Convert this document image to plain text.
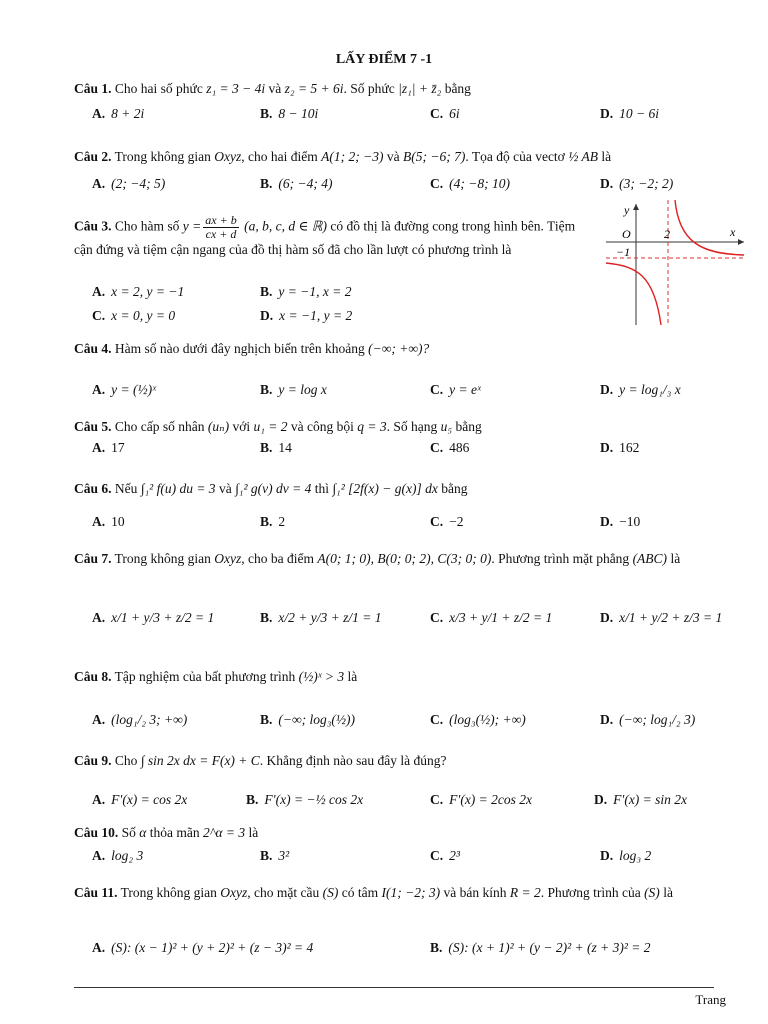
LẤY ĐIỂM 7 -1
Câu 1. Cho hai số phức z₁ = 3 − 4i và z₂ = 5 + 6i. Số phức |z₁| + z̄₂ bằng
A. 8 + 2i	B. 8 − 10i	C. 6i	D. 10 − 6i
Câu 2. Trong không gian Oxyz, cho hai điểm A(1; 2; −3) và B(5; −6; 7). Tọa độ của vectơ ½ AB là
A. (2; −4; 5)	B. (6; −4; 4)	C. (4; −8; 10)	D. (3; −2; 2)
Câu 3. Cho hàm số $y = \frac{ax + b}{cx + d} (a$, b, c, d ∈ ℝ) có đồ thị là đường cong trong hình bên. Tiệm cận đứng và tiệm cận ngang của đồ thị hàm số đã cho lần lượt có phương trình là
A. x = 2, y = −1	B. y = −1, x = 2
C. x = 0, y = 0	D. x = −1, y = 2
y
x
O	2
−1
Câu 4. Hàm số nào dưới đây nghịch biến trên khoảng (−∞; +∞)?
A. y = (½)ˣ	B. y = log x	C. y = eˣ	D. y = log₁/₃ x
Câu 5. Cho cấp số nhân (uₙ) với u₁ = 2 và công bội q = 3. Số hạng u₅ bằng
A. 17	B. 14	C. 486	D. 162
Câu 6. Nếu ∫₁² f(u) du = 3 và ∫₁² g(v) dv = 4 thì ∫₁² [2f(x) − g(x)] dx bằng
A. 10	B. 2	C. −2	D. −10
Câu 7. Trong không gian Oxyz, cho ba điểm A(0; 1; 0), B(0; 0; 2), C(3; 0; 0). Phương trình mặt phẳng (ABC) là
A. x/1 + y/3 + z/2 = 1	B. x/2 + y/3 + z/1 = 1	C. x/3 + y/1 + z/2 = 1	D. x/1 + y/2 + z/3 = 1
Câu 8. Tập nghiệm của bất phương trình (½)ˣ > 3 là
A. (log₁/₂ 3; +∞)	B. (−∞; log₃(½))	C. (log₃(½); +∞)	D. (−∞; log₁/₂ 3)
Câu 9. Cho ∫ sin 2x dx = F(x) + C. Khẳng định nào sau đây là đúng?
A. F′(x) = cos 2x	B. F′(x) = −½ cos 2x	C. F′(x) = 2cos 2x	D. F′(x) = sin 2x
Câu 10. Số α thỏa mãn 2^α = 3 là
A. log₂ 3	B. 3²	C. 2³	D. log₃ 2
Câu 11. Trong không gian Oxyz, cho mặt cầu (S) có tâm I(1; −2; 3) và bán kính R = 2. Phương trình của (S) là
A. (S): (x − 1)² + (y + 2)² + (z − 3)² = 4	B. (S): (x + 1)² + (y − 2)² + (z + 3)² = 2
Trang
